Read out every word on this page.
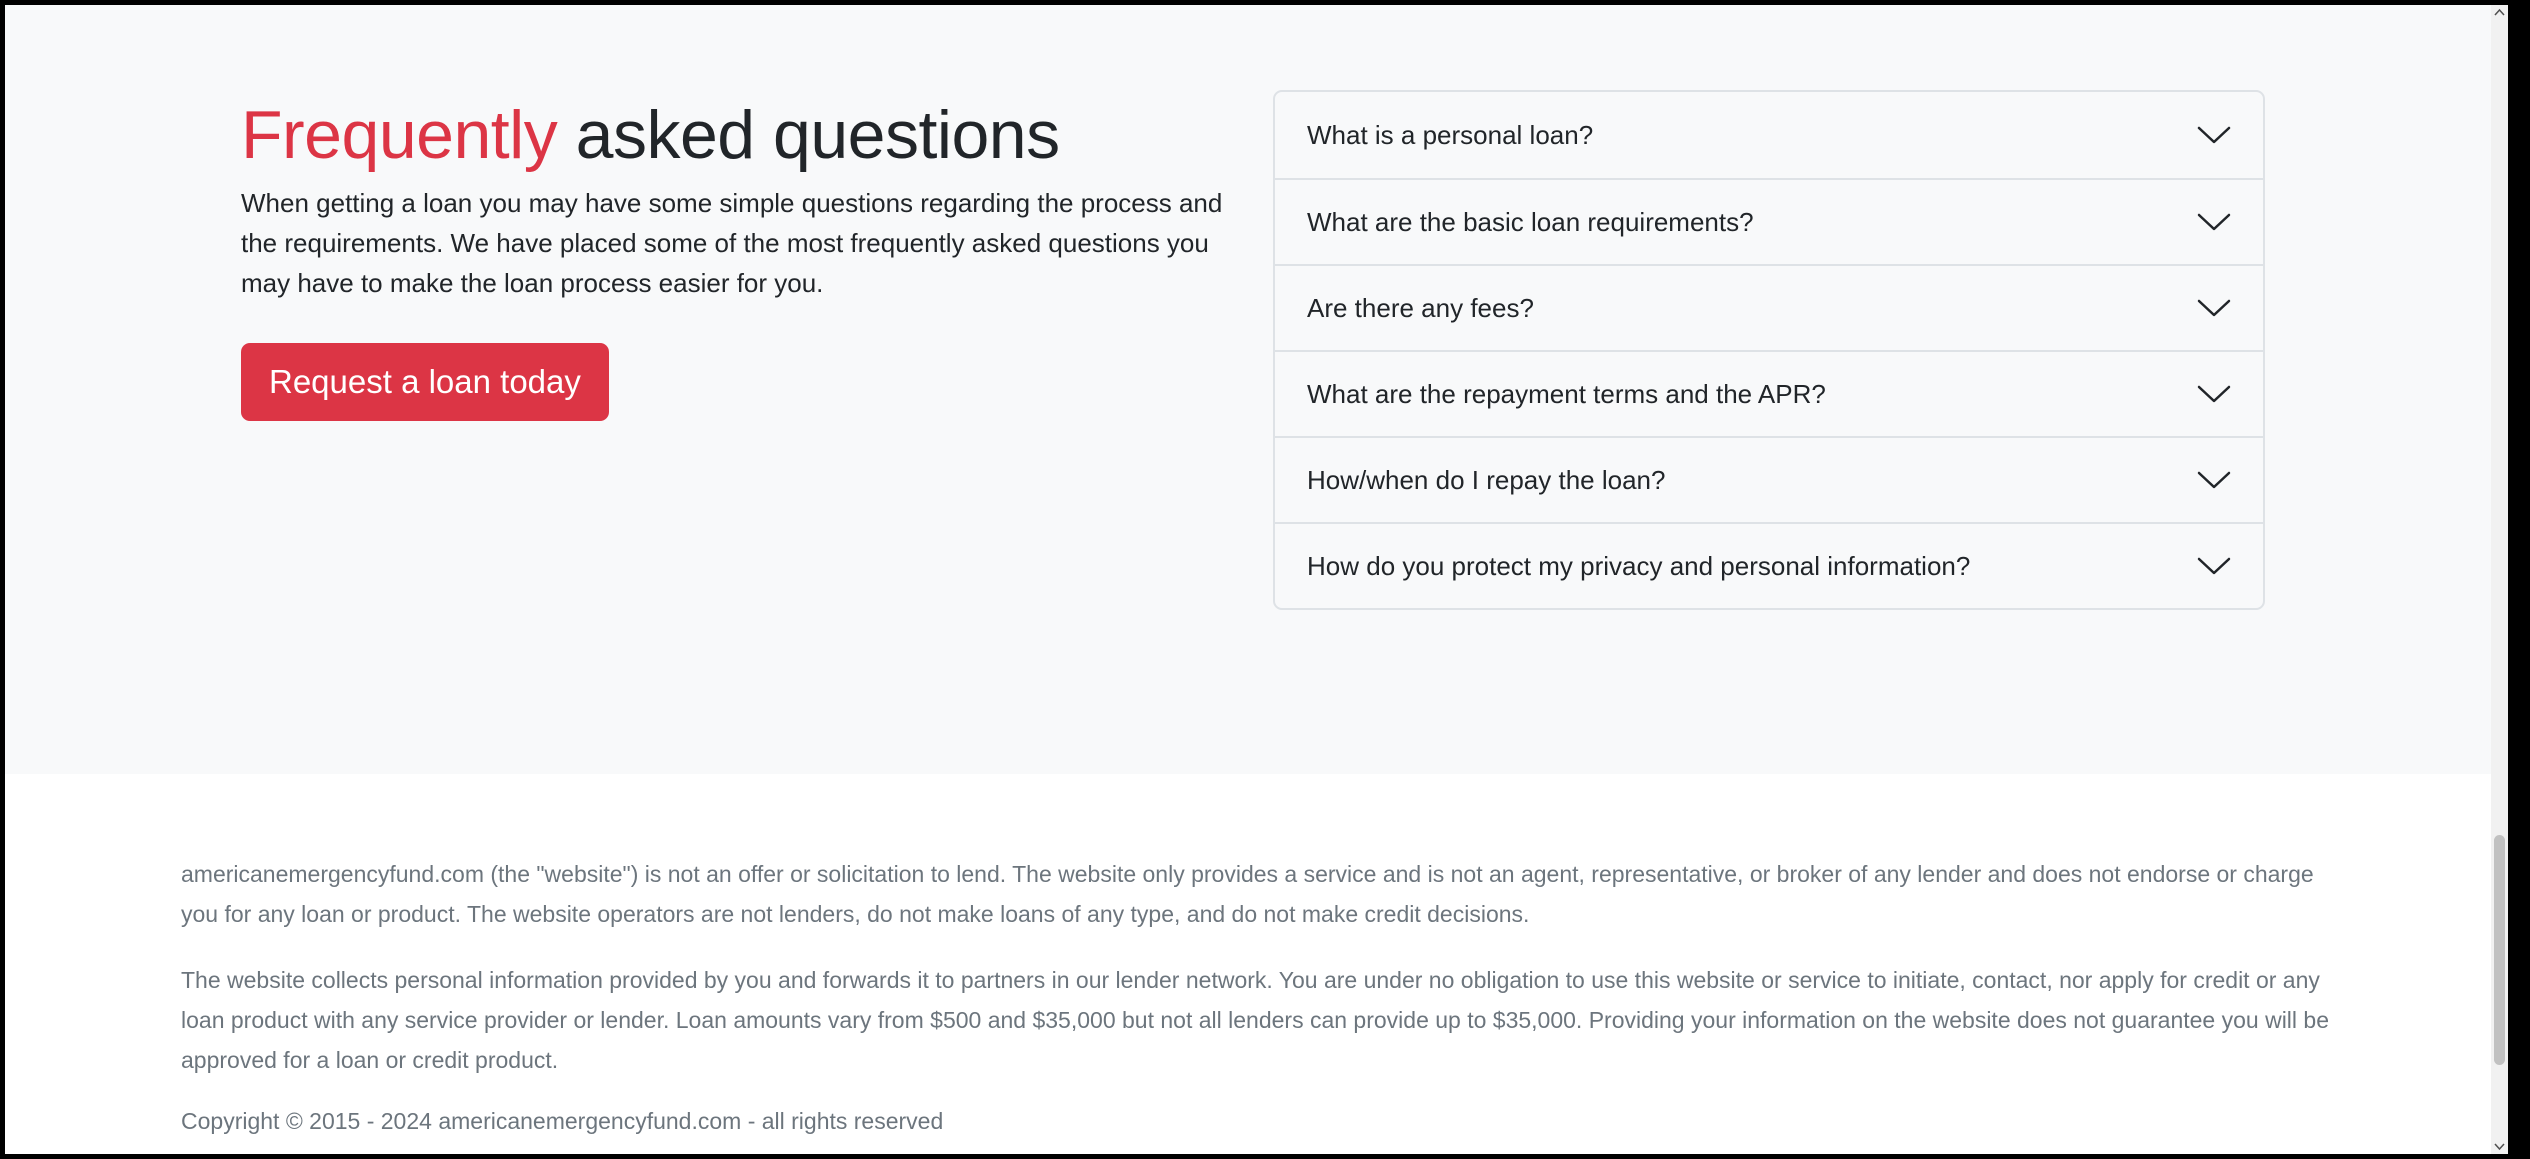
Frequently asked questions

When getting a loan you may have some simple questions regarding the process and the requirements. We have placed some of the most frequently asked questions you may have to make the loan process easier for you.

Request a loan today
What is a personal loan?
What are the basic loan requirements?
Are there any fees?
What are the repayment terms and the APR?
How/when do I repay the loan?
How do you protect my privacy and personal information?

americanemergencyfund.com (the "website") is not an offer or solicitation to lend. The website only provides a service and is not an agent, representative, or broker of any lender and does not endorse or charge you for any loan or product. The website operators are not lenders, do not make loans of any type, and do not make credit decisions.

The website collects personal information provided by you and forwards it to partners in our lender network. You are under no obligation to use this website or service to initiate, contact, nor apply for credit or any loan product with any service provider or lender. Loan amounts vary from $500 and $35,000 but not all lenders can provide up to $35,000. Providing your information on the website does not guarantee you will be approved for a loan or credit product.

Copyright © 2015 - 2024 americanemergencyfund.com - all rights reserved
